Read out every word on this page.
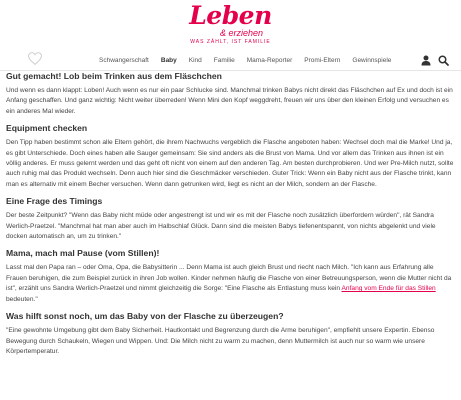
Leben
& erziehen
WAS ZÄHLT, IST FAMILIE
Schwangerschaft	Baby	Kind	Familie	Mama-Reporter	Promi-Eltern	Gewinnspiele
Gut gemacht! Lob beim Trinken aus dem Fläschchen

Und wenn es dann klappt: Loben! Auch wenn es nur ein paar Schlucke sind. Manchmal trinken Babys nicht direkt das Fläschchen auf Ex und doch ist ein Anfang geschaffen. Und ganz wichtig: Nicht weiter überreden! Wenn Mini den Kopf weggdreht, freuen wir uns über den kleinen Erfolg und versuchen es ein anderes Mal wieder.

Equipment checken

Den Tipp haben bestimmt schon alle Eltern gehört, die ihrem Nachwuchs vergeblich die Flasche angeboten haben: Wechsel doch mal die Marke! Und ja, es gibt Unterschiede. Doch eines haben alle Sauger gemeinsam: Sie sind anders als die Brust von Mama. Und vor allem das Trinken aus ihnen ist ein völlig anderes. Er muss gelernt werden und das geht oft nicht von einem auf den anderen Tag. Am besten durchprobieren. Und wer Pre-Milch nutzt, sollte auch ruhig mal das Produkt wechseln. Denn auch hier sind die Geschmäcker verschieden. Guter Trick: Wenn ein Baby nicht aus der Flasche trinkt, kann man es alternativ mit einem Becher versuchen. Wenn dann getrunken wird, liegt es nicht an der Milch, sondern an der Flasche.

Eine Frage des Timings

Der beste Zeitpunkt? "Wenn das Baby nicht müde oder angestrengt ist und wir es mit der Flasche noch zusätzlich überfordern würden", rät Sandra Werlich-Praetzel. "Manchmal hat man aber auch im Halbschlaf Glück. Dann sind die meisten Babys tiefenentspannt, von nichts abgelenkt und viele docken automatisch an, um zu trinken."

Mama, mach mal Pause (vom Stillen)!

Lasst mal den Papa ran – oder Oma, Opa, die Babysitterin ... Denn Mama ist auch gleich Brust und riecht nach Milch. "Ich kann aus Erfahrung alle Frauen beruhigen, die zum Beispiel zurück in ihren Job wollen. Kinder nehmen häufig die Flasche von einer Betreuungsperson, wenn die Mutter nicht da ist", erzählt uns Sandra Werlich-Praetzel und nimmt gleichzeitig die Sorge: "Eine Flasche als Entlastung muss kein Anfang vom Ende für das Stillen bedeuten."

Was hilft sonst noch, um das Baby von der Flasche zu überzeugen?

"Eine gewohnte Umgebung gibt dem Baby Sicherheit. Hautkontakt und Begrenzung durch die Arme beruhigen", empfiehlt unsere Expertin. Ebenso Bewegung durch Schaukeln, Wiegen und Wippen. Und: Die Milch nicht zu warm zu machen, denn Muttermilch ist auch nur so warm wie unsere Körpertemperatur.
